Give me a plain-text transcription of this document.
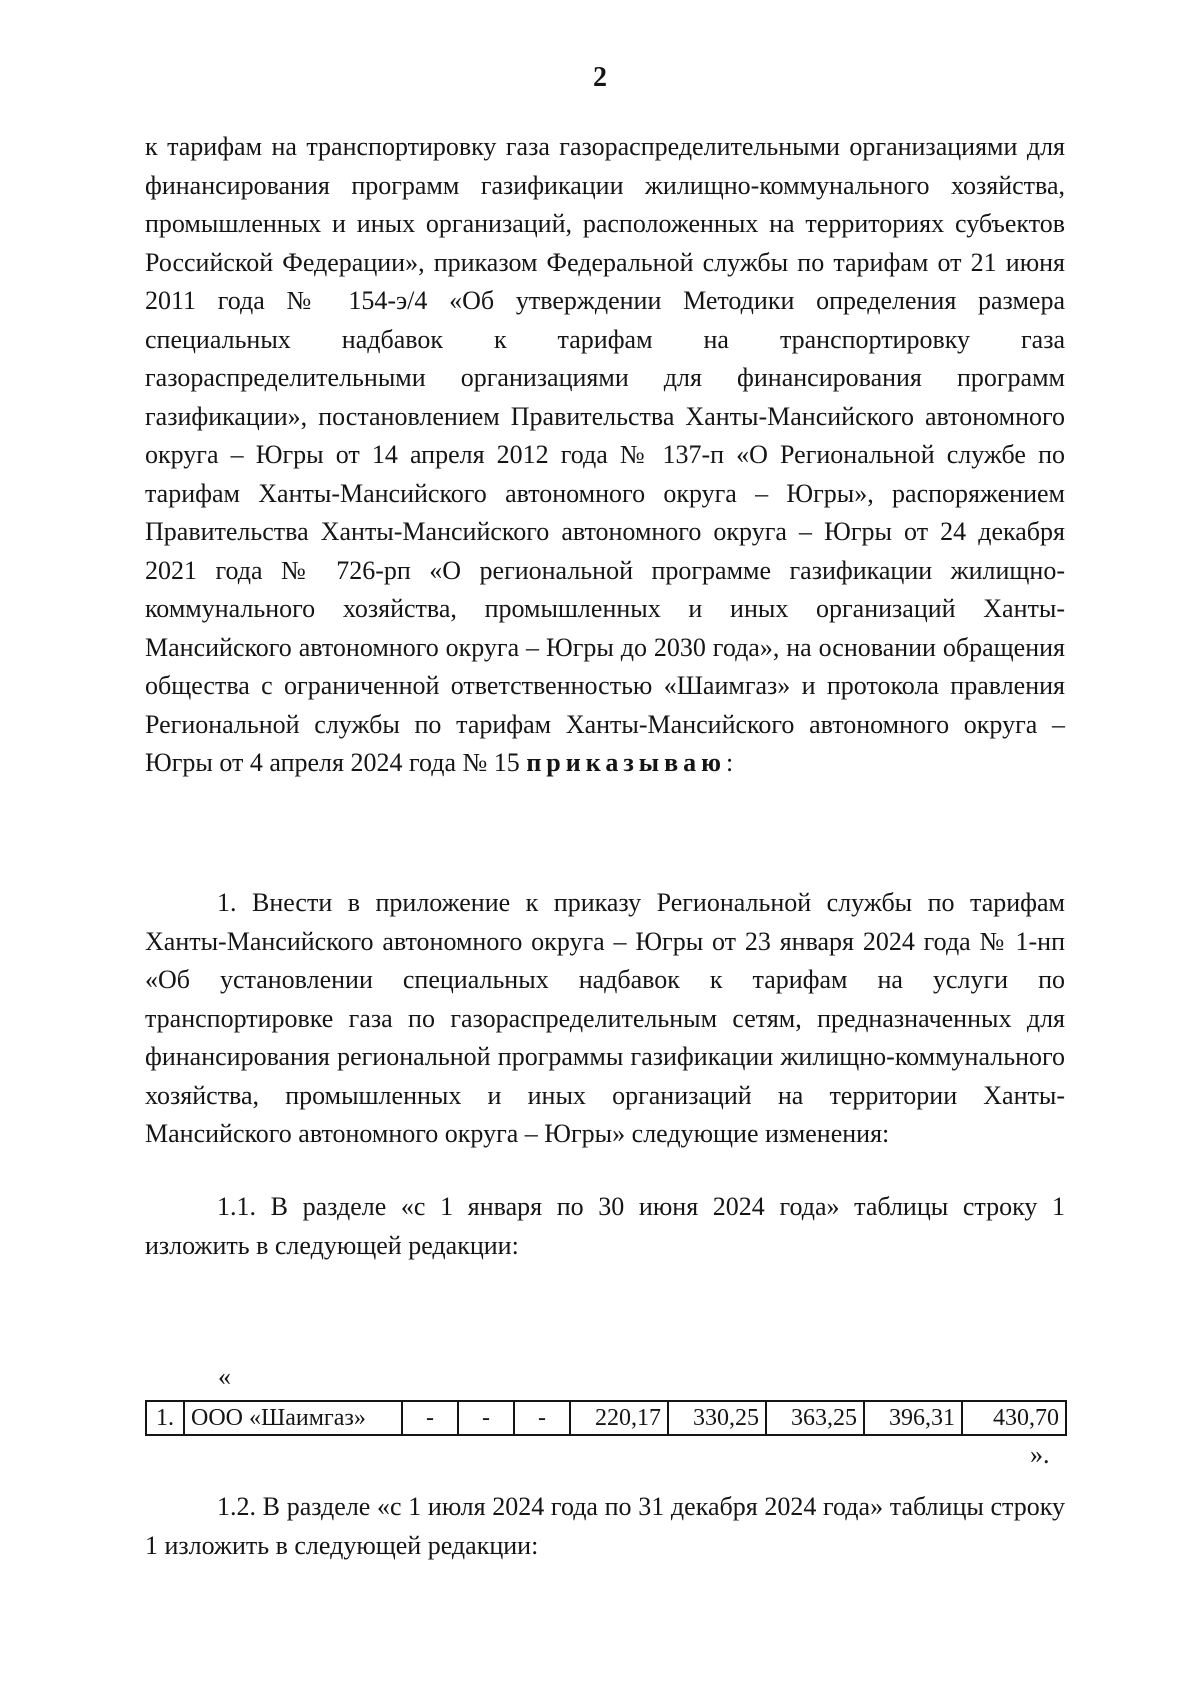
2

к тарифам на транспортировку газа газораспределительными организациями для финансирования программ газификации жилищно-коммунального хозяйства, промышленных и иных организаций, расположенных на территориях субъектов Российской Федерации», приказом Федеральной службы по тарифам от 21 июня 2011 года № 154-э/4 «Об утверждении Методики определения размера специальных надбавок к тарифам на транспортировку газа газораспределительными организациями для финансирования программ газификации», постановлением Правительства Ханты-Мансийского автономного округа – Югры от 14 апреля 2012 года № 137-п «О Региональной службе по тарифам Ханты-Мансийского автономного округа – Югры», распоряжением Правительства Ханты-Мансийского автономного округа – Югры от 24 декабря 2021 года № 726-рп «О региональной программе газификации жилищно-коммунального хозяйства, промышленных и иных организаций Ханты-Мансийского автономного округа – Югры до 2030 года», на основании обращения общества с ограниченной ответственностью «Шаимгаз» и протокола правления Региональной службы по тарифам Ханты-Мансийского автономного округа – Югры от 4 апреля 2024 года № 15 приказываю:

1. Внести в приложение к приказу Региональной службы по тарифам Ханты-Мансийского автономного округа – Югры от 23 января 2024 года № 1-нп «Об установлении специальных надбавок к тарифам на услуги по транспортировке газа по газораспределительным сетям, предназначенных для финансирования региональной программы газификации жилищно-коммунального хозяйства, промышленных и иных организаций на территории Ханты-Мансийского автономного округа – Югры» следующие изменения:

1.1. В разделе «с 1 января по 30 июня 2024 года» таблицы строку 1 изложить в следующей редакции:

«
1.	ООО «Шаимгаз»	-	-	-	220,17	330,25	363,25	396,31	430,70
».

1.2. В разделе «с 1 июля 2024 года по 31 декабря 2024 года» таблицы строку 1 изложить в следующей редакции:
